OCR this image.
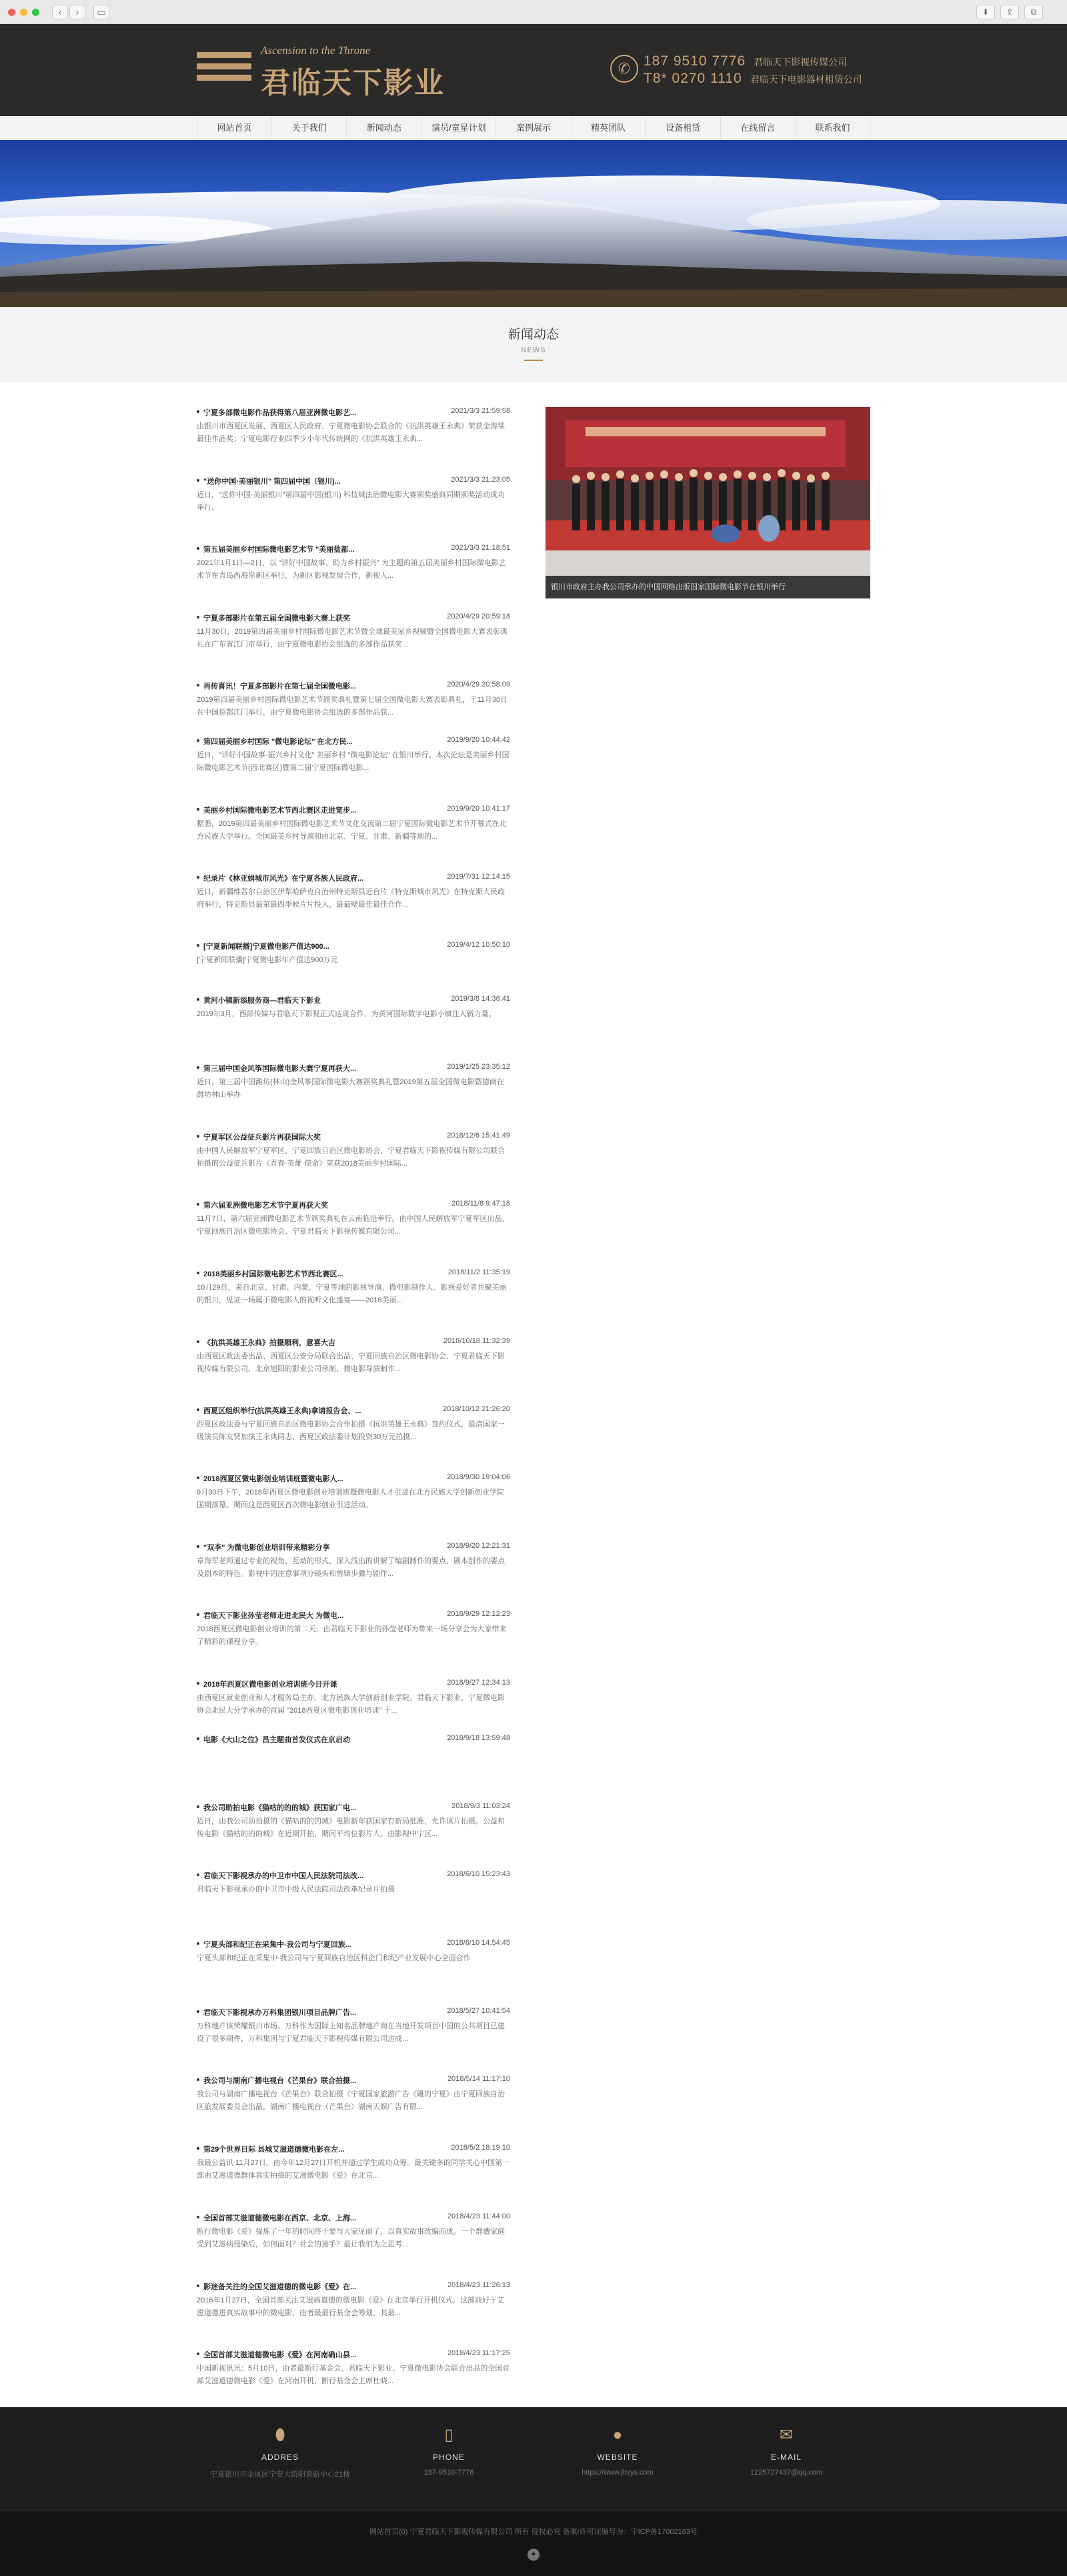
‹	›	▭	⬇	⇪	⧉
Ascension to the Throne
君临天下影业	✆ 187 9510 7776 君临天下影视传媒公司
T8* 0270 1110 君临天下电影器材租赁公司
网站首页	关于我们	新闻动态	演员/童星计划	案例展示	精英团队	设备租赁	在线留言	联系我们
新闻动态
NEWS
宁夏多部微电影作品获得第八届亚洲微电影艺...	2021/3/3 21:59:58
由银川市西夏区发展、西夏区人民政府、宁夏微电影协会联合的《抗洪英雄王永典》荣获金海棠最佳作品奖；宁夏电影行业四季少小年代传统网的《抗洪英雄王永典...
"送你中国·美丽银川" 第四届中国（银川)...	2021/3/3 21:23:05
近日，"送你中国·美丽银川"第四届中国(银川) 科技城法治微电影大赛颁奖盛典同期颁奖活动成功举行。
第五届美丽乡村国际微电影艺术节 "美丽盐都...	2021/3/3 21:18:51
2021年1月1日—2日，以 "讲好中国故事、助力乡村振兴" 为主题的第五届美丽乡村国际微电影艺术节在青岛西海岸新区举行，为新区影视发展合作，新视人...
宁夏多部影片在第五届全国微电影大赛上获奖	2020/4/29 20:59:18
11月30日，2019第四届美丽乡村国际微电影艺术节暨全球最美家乡视频暨全国微电影大赛表彰典礼在广东省江门市举行，由宁夏微电影协会组选的多部作品获奖...
再传喜讯！宁夏多部影片在第七届全国微电影...	2020/4/29 20:58:09
2019第四届美丽乡村国际微电影艺术节颁奖典礼暨第七届全国微电影大赛表彰典礼，于11月30日在中国侨都江门举行，由宁夏微电影协会组选的多部作品获...
第四届美丽乡村国际 "微电影论坛" 在北方民...	2019/9/20 10:44:42
近日，"讲好中国故事·振兴乡村文化" 美丽乡村 "微电影论坛" 在银川举行。本次论坛是美丽乡村国际微电影艺术节(西北赛区)暨第二届宁夏国际微电影...
美丽乡村国际微电影艺术节西北赛区走进宽步...	2019/9/20 10:41:17
据悉，2019第四届美丽乡村国际微电影艺术节文化交流第二届宁夏国际微电影艺术节开幕式在北方民族大学举行。全国最美乡村导演和由北京、宁夏、甘肃、新疆等地的...
纪录片《林亚娟城市风光》在宁夏各族人民政府...	2019/7/31 12:14:15
近日，新疆维吾尔自治区伊犁哈萨克自治州特克斯县近台片《特克斯城市风光》在特克斯人民政府举行，特克斯县最第最四季候片片投入，最最壁最佳最佳合作...
[宁夏新闻联播]宁夏微电影产值达900...	2019/4/12 10:50:10
[宁夏新闻联播]宁夏微电影年产值达900万元
黄河小镇新添服务商—君临天下影业	2019/3/8 14:36:41
2019年3月，西部传媒与君临天下影视正式达成合作，为黄河国际数字电影小镇注入新力量。
第三届中国金风筝国际微电影大赛宁夏再获大...	2019/1/25 23:35:12
近日，第三届中国潍坊(林山)金风筝国际微电影大赛颁奖典礼暨2019第五届全国微电影暨德商在潍坊林山举办
宁夏军区公益征兵影片再获国际大奖	2018/12/6 15:41:49
由中国人民解放军宁夏军区、宁夏回族自治区微电影协会、宁夏君临天下影视传媒有限公司联合拍摄的公益征兵影片《青春·英雄·使命》荣获2018美丽乡村国际...
第六届亚洲微电影艺术节宁夏再获大奖	2018/11/8 9:47:18
11月7日，第六届亚洲微电影艺术节颁奖典礼在云南临沧举行。由中国人民解放军宁夏军区出品、宁夏回族自治区微电影协会、宁夏君临天下影视传媒有限公司...
2018美丽乡村国际微电影艺术节西北赛区...	2018/11/2 11:35:19
10月29日，来自北京、甘肃、内蒙、宁夏等地的影视导演、微电影制作人、影视爱好者共聚美丽的银川，见证一场属于微电影人的视听文化盛宴——2018美丽...
《抗洪英雄王永典》拍摄顺利，意喜大吉	2018/10/18 11:32:39
由西夏区政法委出品、西夏区公安分局联合出品、宁夏回族自治区微电影协会、宁夏君临天下影视传媒有限公司、北京旭阳的影业公司承制、微电影导演制作...
西夏区组织举行(抗洪英雄王永典)拿请报告会、...	2018/10/12 21:26:20
西夏区政法委与宁夏回族自治区微电影协会合作拍摄《抗洪英雄王永典》签约仪式，最清国家一级演员陈友贤加演王永典同志，西夏区政法委计划投资30万元拍摄...
2018西夏区微电影创业培训班暨微电影人...	2018/9/30 19:04:06
9月30日下午，2018年西夏区微电影创业培训班暨微电影人才引进在北方民族大学创新创业学院国期落幕。期间这是西夏区首次微电影创业引进活动。
"双李" 为微电影创业培训带来精彩分享	2018/9/20 12:21:31
章海军老师通过专业的视角、互动的形式、深入浅出的讲解了编剧制作的要点，剧本创作的要点及剧本的特色。影视中的注意事项分镜头和剪辑步骤与剧作...
君临天下影业孙莹老师走进北民大 为微电...	2018/9/29 12:12:23
2018西夏区微电影创业培训的第二天，由君临天下影业的孙莹老师为带来一场分享会为大家带来了精彩的课程分享。
2018年西夏区微电影创业培训班今日开课	2018/9/27 12:34:13
由西夏区就业创业和人才服务局主办、北方民族大学创新创业学院、君临天下影业、宁夏微电影协会北民大分学承办的首届 "2018西夏区微电影创业培训" 于...
电影《大山之位》昌主题曲首发仪式在京启动	2018/9/18 13:59:48
我公司助拍电影《猫咕的的的城》获国家广电...	2018/9/3 11:03:24
近日，由我公司助拍摄的《猫咕的的的城》电影新年获国家有新局批准，允许该片拍摄。公益和传电影《猫咕的的的城》在近期开拍，期间平均位影片人，由影视中宁区...
君临天下影视承办的中卫市中国人民法院司法改...	2018/6/10 15:23:43
君临天下影视承办的中卫市中级人民法院司法改革纪录片拍摄
宁夏头部和纪正在采集中·我公司与宁夏回族...	2018/6/10 14:54:45
宁夏头部和纪正在采集中·我公司与宁夏回族自治区科企门和纪产业发展中心全面合作
君临天下影视承办万科集团银川项目品牌广告...	2018/5/27 10:41:54
万科地产该荣耀银川市场。万科作为国际上知名品牌地产商在当地开发项目中国的公共项目已建设了很多期件，万科集团与宁夏君临天下影视传媒有限公司达成...
我公司与湖南广播电视台《芒果台》联合拍摄...	2018/5/14 11:17:10
我公司与湖南广播电视台《芒果台》联合拍摄《宁夏国家旅游广告《雕的宁夏》由宁夏回族自治区旅发展委员会出品，湖南广播电视台（芒果台）湖南天娱广告有限...
第29个世界日际 县城艾滋道德微电影在左...	2018/5/2 18:19:10
我最公益讯 11月27日，由今年12月27日开机并通过学生成功众筹。最关键多的同学关心中国第一部由艾滋道德群体真实拍摄的艾滋微电影《爱》在北京...
全国首部艾滋道德微电影在西京、北京、上海...	2018/4/23 11:44:00
断行微电影《爱》提炼了一年的时间终于要与大家见面了，以真实故事改编而成。一个群遭家庭受到艾滋病侵染后，如何面对？社会的接手？最让我们为之思考...
影迷备关注的全国艾滋道德的微电影《爱》在...	2018/4/23 11:26:13
2016年1月27日，全国首部关注艾滋病道德的微电影《爱》在北京举行开机仪式。这部戏好于艾滋道德进真实故事中的微电影，由者最最行基金会筹划，其最...
全国首部艾滋道德微电影《爱》在河南确山县...	2018/4/23 11:17:25
中国新视讯讯：5月10日，由者最断行基金会、君临天下影业、宁夏微电影协会联合出品的全国首部艾滋道德微电影《爱》在河南开机，断行基金会主席杜晓...
银川市政府主办我公司承办的中国网络出版国家国际微电影节在银川举行
⬮
ADDRES
宁夏银川市金凤区宁安大街阳黄新中心21楼
▯
PHONE
187-9510-7776
●
WEBSITE
https://www.jltxys.com
✉
E-MAIL
1225727437@qq.com
网站首页(0) 宁夏君临天下影视传媒有限公司 所有 侵权必究 备案/许可证编号为：宁ICP备17002163号
✦
